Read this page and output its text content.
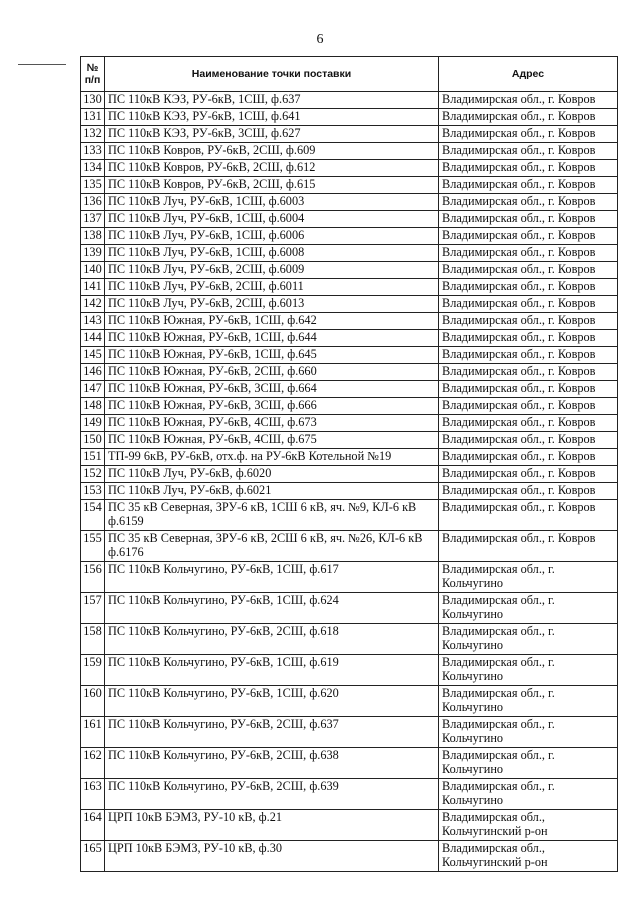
6
№ п/п	Наименование точки поставки	Адрес
130	ПС 110кВ КЭЗ, РУ-6кВ, 1СШ, ф.637	Владимирская обл., г. Ковров
131	ПС 110кВ КЭЗ, РУ-6кВ, 1СШ, ф.641	Владимирская обл., г. Ковров
132	ПС 110кВ КЭЗ, РУ-6кВ, 3СШ, ф.627	Владимирская обл., г. Ковров
133	ПС 110кВ Ковров, РУ-6кВ, 2СШ, ф.609	Владимирская обл., г. Ковров
134	ПС 110кВ Ковров, РУ-6кВ, 2СШ, ф.612	Владимирская обл., г. Ковров
135	ПС 110кВ Ковров, РУ-6кВ, 2СШ, ф.615	Владимирская обл., г. Ковров
136	ПС 110кВ Луч, РУ-6кВ, 1СШ, ф.6003	Владимирская обл., г. Ковров
137	ПС 110кВ Луч, РУ-6кВ, 1СШ, ф.6004	Владимирская обл., г. Ковров
138	ПС 110кВ Луч, РУ-6кВ, 1СШ, ф.6006	Владимирская обл., г. Ковров
139	ПС 110кВ Луч, РУ-6кВ, 1СШ, ф.6008	Владимирская обл., г. Ковров
140	ПС 110кВ Луч, РУ-6кВ, 2СШ, ф.6009	Владимирская обл., г. Ковров
141	ПС 110кВ Луч, РУ-6кВ, 2СШ, ф.6011	Владимирская обл., г. Ковров
142	ПС 110кВ Луч, РУ-6кВ, 2СШ, ф.6013	Владимирская обл., г. Ковров
143	ПС 110кВ Южная, РУ-6кВ, 1СШ, ф.642	Владимирская обл., г. Ковров
144	ПС 110кВ Южная, РУ-6кВ, 1СШ, ф.644	Владимирская обл., г. Ковров
145	ПС 110кВ Южная, РУ-6кВ, 1СШ, ф.645	Владимирская обл., г. Ковров
146	ПС 110кВ Южная, РУ-6кВ, 2СШ, ф.660	Владимирская обл., г. Ковров
147	ПС 110кВ Южная, РУ-6кВ, 3СШ, ф.664	Владимирская обл., г. Ковров
148	ПС 110кВ Южная, РУ-6кВ, 3СШ, ф.666	Владимирская обл., г. Ковров
149	ПС 110кВ Южная, РУ-6кВ, 4СШ, ф.673	Владимирская обл., г. Ковров
150	ПС 110кВ Южная, РУ-6кВ, 4СШ, ф.675	Владимирская обл., г. Ковров
151	ТП-99 6кВ, РУ-6кВ, отх.ф. на РУ-6кВ Котельной №19	Владимирская обл., г. Ковров
152	ПС 110кВ Луч, РУ-6кВ, ф.6020	Владимирская обл., г. Ковров
153	ПС 110кВ Луч, РУ-6кВ, ф.6021	Владимирская обл., г. Ковров
154	ПС 35 кВ Северная, ЗРУ-6 кВ, 1СШ 6 кВ, яч. №9, КЛ-6 кВ ф.6159	Владимирская обл., г. Ковров
155	ПС 35 кВ Северная, ЗРУ-6 кВ, 2СШ 6 кВ, яч. №26, КЛ-6 кВ ф.6176	Владимирская обл., г. Ковров
156	ПС 110кВ Кольчугино, РУ-6кВ, 1СШ, ф.617	Владимирская обл., г. Кольчугино
157	ПС 110кВ Кольчугино, РУ-6кВ, 1СШ, ф.624	Владимирская обл., г. Кольчугино
158	ПС 110кВ Кольчугино, РУ-6кВ, 2СШ, ф.618	Владимирская обл., г. Кольчугино
159	ПС 110кВ Кольчугино, РУ-6кВ, 1СШ, ф.619	Владимирская обл., г. Кольчугино
160	ПС 110кВ Кольчугино, РУ-6кВ, 1СШ, ф.620	Владимирская обл., г. Кольчугино
161	ПС 110кВ Кольчугино, РУ-6кВ, 2СШ, ф.637	Владимирская обл., г. Кольчугино
162	ПС 110кВ Кольчугино, РУ-6кВ, 2СШ, ф.638	Владимирская обл., г. Кольчугино
163	ПС 110кВ Кольчугино, РУ-6кВ, 2СШ, ф.639	Владимирская обл., г. Кольчугино
164	ЦРП 10кВ БЭМЗ, РУ-10 кВ, ф.21	Владимирская обл., Кольчугинский р-он
165	ЦРП 10кВ БЭМЗ, РУ-10 кВ, ф.30	Владимирская обл., Кольчугинский р-он
